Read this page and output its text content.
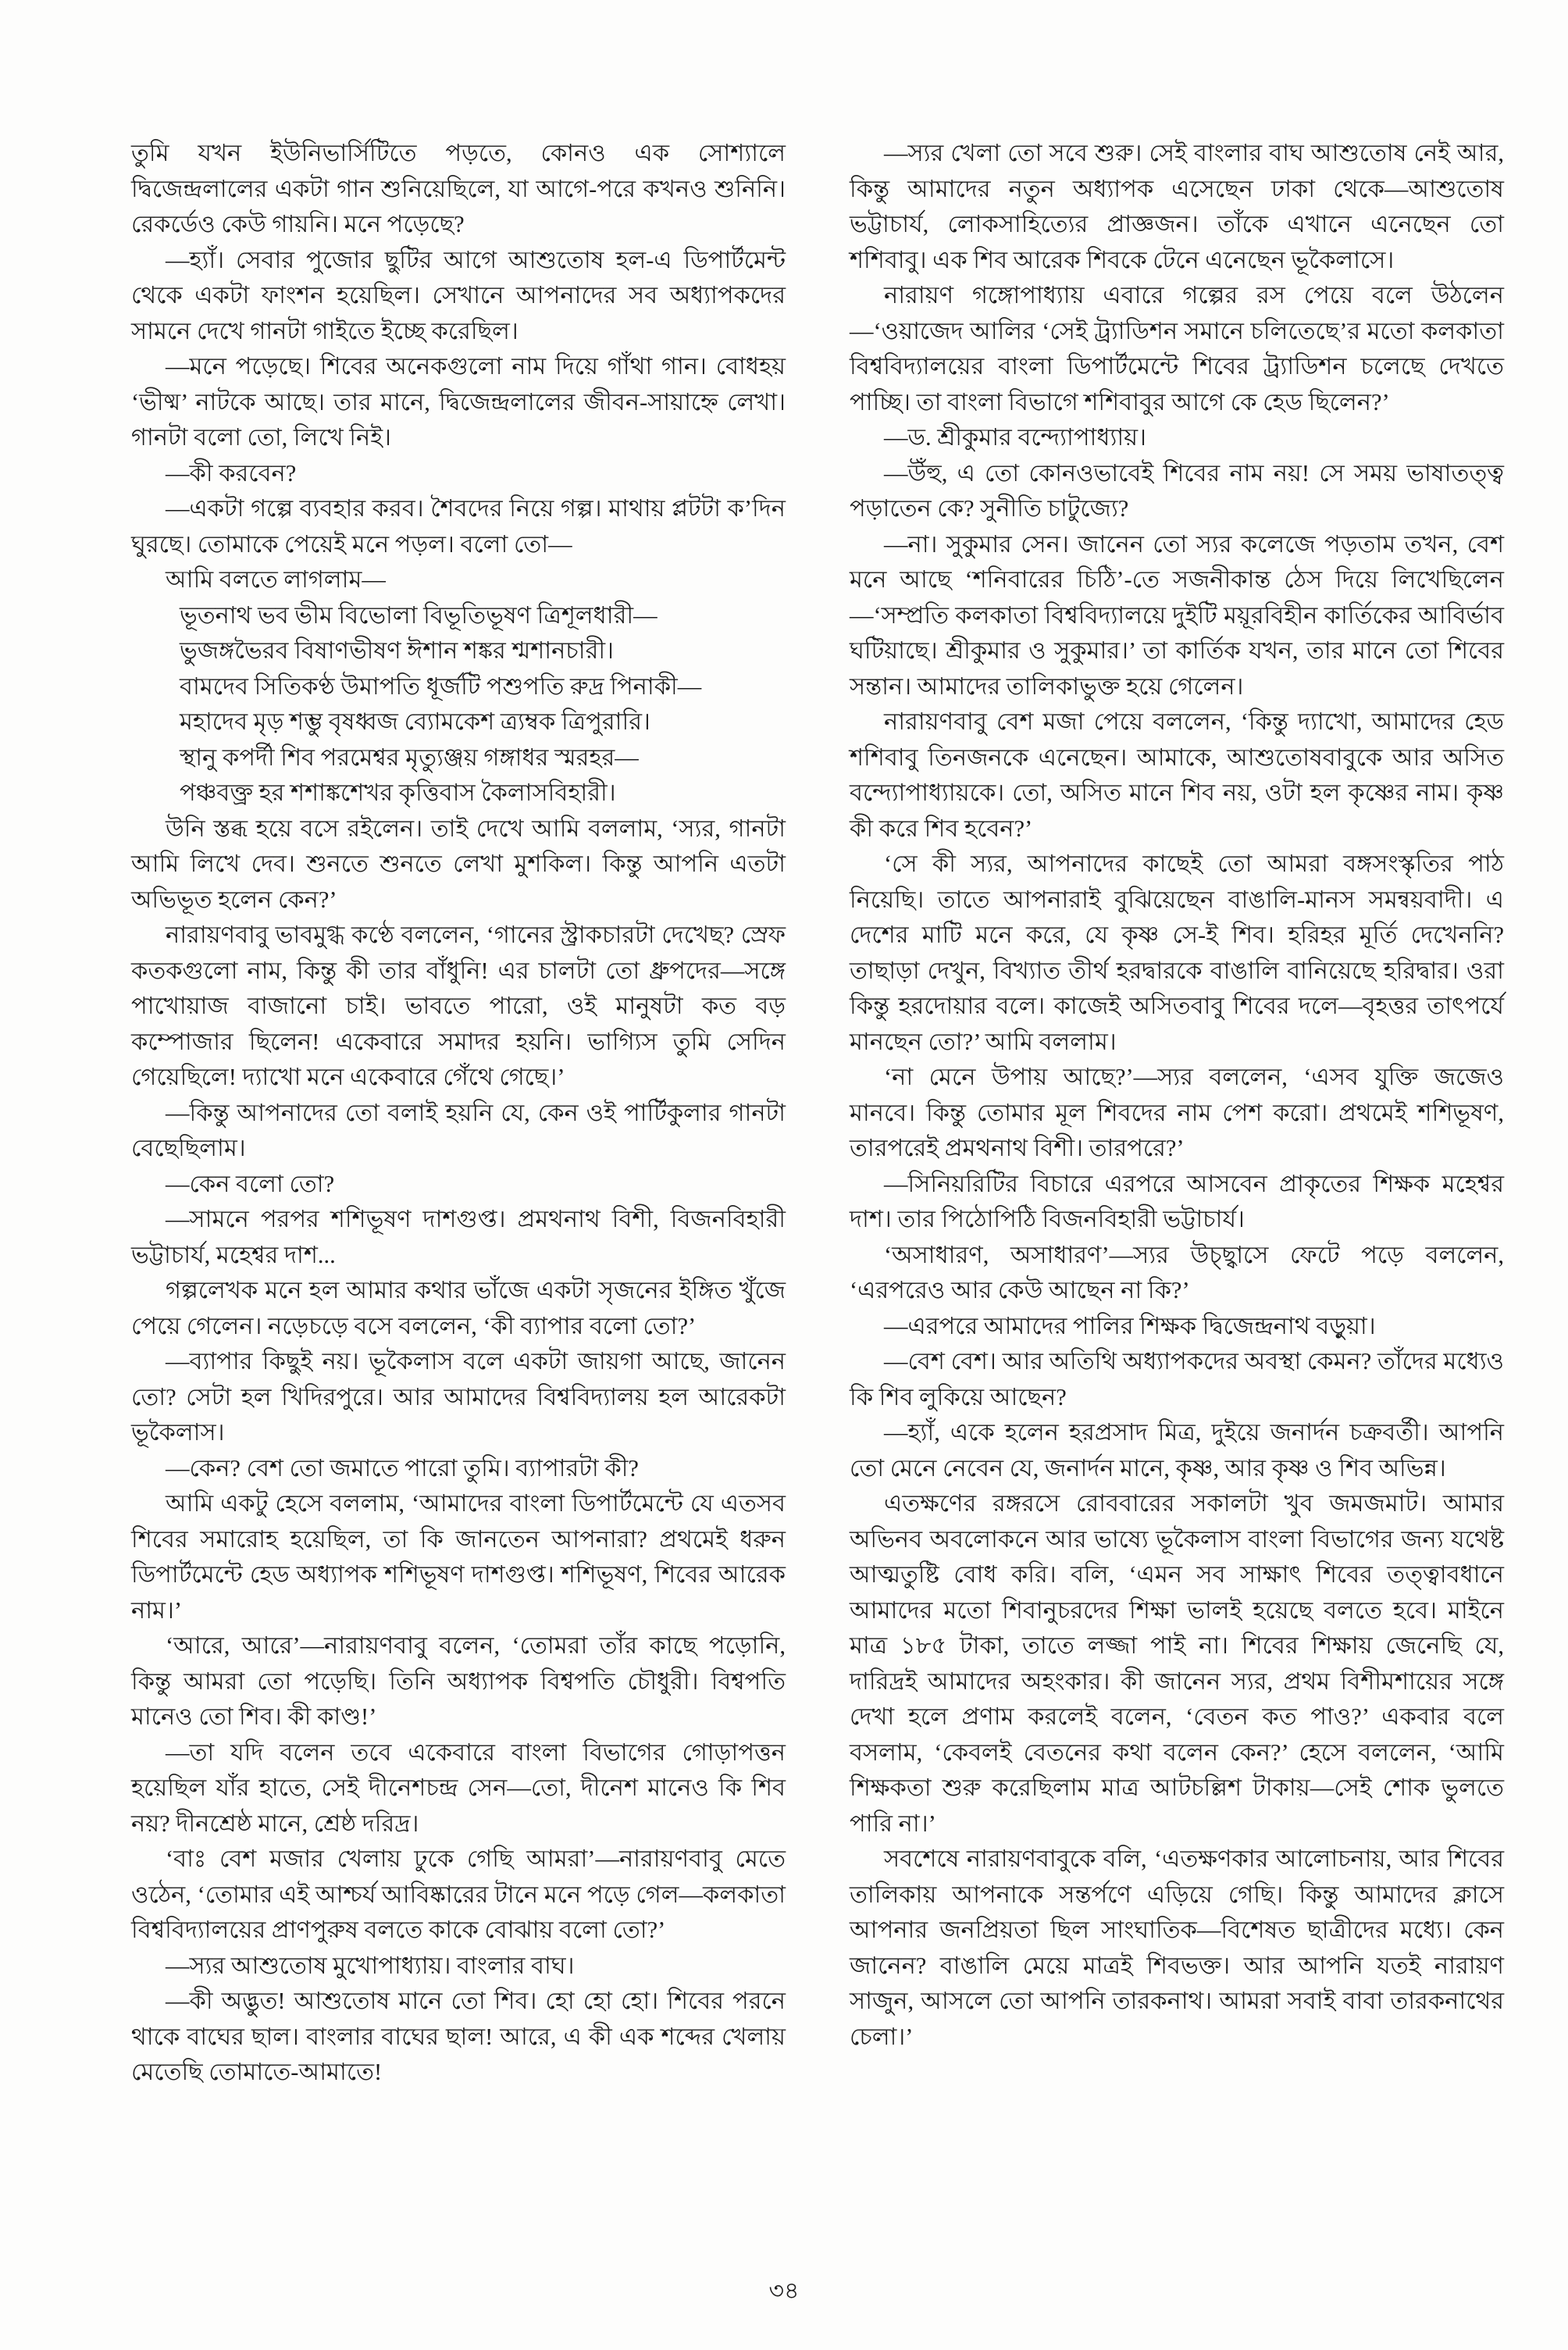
তুমি যখন ইউনিভার্সিটিতে পড়তে, কোনও এক সোশ্যালে দ্বিজেন্দ্রলালের একটা গান শুনিয়েছিলে, যা আগে-পরে কখনও শুনিনি। রেকর্ডেও কেউ গায়নি। মনে পড়েছে?

—হ্যাঁ। সেবার পুজোর ছুটির আগে আশুতোষ হল-এ ডিপার্টমেন্ট থেকে একটা ফাংশন হয়েছিল। সেখানে আপনাদের সব অধ্যাপকদের সামনে দেখে গানটা গাইতে ইচ্ছে করেছিল।

—মনে পড়েছে। শিবের অনেকগুলো নাম দিয়ে গাঁথা গান। বোধহয় ‘ভীষ্ম’ নাটকে আছে। তার মানে, দ্বিজেন্দ্রলালের জীবন-সায়াহ্নে লেখা। গানটা বলো তো, লিখে নিই।

—কী করবেন?

—একটা গল্পে ব্যবহার করব। শৈবদের নিয়ে গল্প। মাথায় প্লটটা ক’দিন ঘুরছে। তোমাকে পেয়েই মনে পড়ল। বলো তো—

আমি বলতে লাগলাম—

ভূতনাথ ভব ভীম বিভোলা বিভূতিভূষণ ত্রিশূলধারী—
ভুজঙ্গভৈরব বিষাণভীষণ ঈশান শঙ্কর শ্মশানচারী।
বামদেব সিতিকণ্ঠ উমাপতি ধূর্জটি পশুপতি রুদ্র পিনাকী—
মহাদেব মৃড় শম্ভু বৃষধ্বজ ব্যোমকেশ ত্র্যম্বক ত্রিপুরারি।
স্থানু কপর্দী শিব পরমেশ্বর মৃত্যুঞ্জয় গঙ্গাধর স্মরহর—
পঞ্চবক্ত্র হর শশাঙ্কশেখর কৃত্তিবাস কৈলাসবিহারী।

উনি স্তব্ধ হয়ে বসে রইলেন। তাই দেখে আমি বললাম, ‘স্যর, গানটা আমি লিখে দেব। শুনতে শুনতে লেখা মুশকিল। কিন্তু আপনি এতটা অভিভূত হলেন কেন?’

নারায়ণবাবু ভাবমুগ্ধ কণ্ঠে বললেন, ‘গানের স্ট্রাকচারটা দেখেছ? স্রেফ কতকগুলো নাম, কিন্তু কী তার বাঁধুনি! এর চালটা তো ধ্রুপদের—সঙ্গে পাখোয়াজ বাজানো চাই। ভাবতে পারো, ওই মানুষটা কত বড় কম্পোজার ছিলেন! একেবারে সমাদর হয়নি। ভাগ্যিস তুমি সেদিন গেয়েছিলে! দ্যাখো মনে একেবারে গেঁথে গেছে।’

—কিন্তু আপনাদের তো বলাই হয়নি যে, কেন ওই পার্টিকুলার গানটা বেছেছিলাম।

—কেন বলো তো?

—সামনে পরপর শশিভূষণ দাশগুপ্ত। প্রমথনাথ বিশী, বিজনবিহারী ভট্টাচার্য, মহেশ্বর দাশ...

গল্পলেখক মনে হল আমার কথার ভাঁজে একটা সৃজনের ইঙ্গিত খুঁজে পেয়ে গেলেন। নড়েচড়ে বসে বললেন, ‘কী ব্যাপার বলো তো?’

—ব্যাপার কিছুই নয়। ভূকৈলাস বলে একটা জায়গা আছে, জানেন তো? সেটা হল খিদিরপুরে। আর আমাদের বিশ্ববিদ্যালয় হল আরেকটা ভূকৈলাস।

—কেন? বেশ তো জমাতে পারো তুমি। ব্যাপারটা কী?

আমি একটু হেসে বললাম, ‘আমাদের বাংলা ডিপার্টমেন্টে যে এতসব শিবের সমারোহ হয়েছিল, তা কি জানতেন আপনারা? প্রথমেই ধরুন ডিপার্টমেন্টে হেড অধ্যাপক শশিভূষণ দাশগুপ্ত। শশিভূষণ, শিবের আরেক নাম।’

‘আরে, আরে’—নারায়ণবাবু বলেন, ‘তোমরা তাঁর কাছে পড়োনি, কিন্তু আমরা তো পড়েছি। তিনি অধ্যাপক বিশ্বপতি চৌধুরী। বিশ্বপতি মানেও তো শিব। কী কাণ্ড!’

—তা যদি বলেন তবে একেবারে বাংলা বিভাগের গোড়াপত্তন হয়েছিল যাঁর হাতে, সেই দীনেশচন্দ্র সেন—তো, দীনেশ মানেও কি শিব নয়? দীনশ্রেষ্ঠ মানে, শ্রেষ্ঠ দরিদ্র।

‘বাঃ বেশ মজার খেলায় ঢুকে গেছি আমরা’—নারায়ণবাবু মেতে ওঠেন, ‘তোমার এই আশ্চর্য আবিষ্কারের টানে মনে পড়ে গেল—কলকাতা বিশ্ববিদ্যালয়ের প্রাণপুরুষ বলতে কাকে বোঝায় বলো তো?’

—স্যর আশুতোষ মুখোপাধ্যায়। বাংলার বাঘ।

—কী অদ্ভুত! আশুতোষ মানে তো শিব। হো হো হো। শিবের পরনে থাকে বাঘের ছাল। বাংলার বাঘের ছাল! আরে, এ কী এক শব্দের খেলায় মেতেছি তোমাতে-আমাতে!

—স্যর খেলা তো সবে শুরু। সেই বাংলার বাঘ আশুতোষ নেই আর, কিন্তু আমাদের নতুন অধ্যাপক এসেছেন ঢাকা থেকে—আশুতোষ ভট্টাচার্য, লোকসাহিত্যের প্রাজ্ঞজন। তাঁকে এখানে এনেছেন তো শশিবাবু। এক শিব আরেক শিবকে টেনে এনেছেন ভূকৈলাসে।

নারায়ণ গঙ্গোপাধ্যায় এবারে গল্পের রস পেয়ে বলে উঠলেন—‘ওয়াজেদ আলির ‘সেই ট্র্যাডিশন সমানে চলিতেছে’র মতো কলকাতা বিশ্ববিদ্যালয়ের বাংলা ডিপার্টমেন্টে শিবের ট্র্যাডিশন চলেছে দেখতে পাচ্ছি। তা বাংলা বিভাগে শশিবাবুর আগে কে হেড ছিলেন?’

—ড. শ্রীকুমার বন্দ্যোপাধ্যায়।

—উঁহু, এ তো কোনওভাবেই শিবের নাম নয়! সে সময় ভাষাতত্ত্ব পড়াতেন কে? সুনীতি চাটুজ্যে?

—না। সুকুমার সেন। জানেন তো স্যর কলেজে পড়তাম তখন, বেশ মনে আছে ‘শনিবারের চিঠি’-তে সজনীকান্ত ঠেস দিয়ে লিখেছিলেন—‘সম্প্রতি কলকাতা বিশ্ববিদ্যালয়ে দুইটি ময়ূরবিহীন কার্তিকের আবির্ভাব ঘটিয়াছে। শ্রীকুমার ও সুকুমার।’ তা কার্তিক যখন, তার মানে তো শিবের সন্তান। আমাদের তালিকাভুক্ত হয়ে গেলেন।

নারায়ণবাবু বেশ মজা পেয়ে বললেন, ‘কিন্তু দ্যাখো, আমাদের হেড শশিবাবু তিনজনকে এনেছেন। আমাকে, আশুতোষবাবুকে আর অসিত বন্দ্যোপাধ্যায়কে। তো, অসিত মানে শিব নয়, ওটা হল কৃষ্ণের নাম। কৃষ্ণ কী করে শিব হবেন?’

‘সে কী স্যর, আপনাদের কাছেই তো আমরা বঙ্গসংস্কৃতির পাঠ নিয়েছি। তাতে আপনারাই বুঝিয়েছেন বাঙালি-মানস সমন্বয়বাদী। এ দেশের মাটি মনে করে, যে কৃষ্ণ সে-ই শিব। হরিহর মূর্তি দেখেননি? তাছাড়া দেখুন, বিখ্যাত তীর্থ হরদ্বারকে বাঙালি বানিয়েছে হরিদ্বার। ওরা কিন্তু হরদোয়ার বলে। কাজেই অসিতবাবু শিবের দলে—বৃহত্তর তাৎপর্যে মানছেন তো?’ আমি বললাম।

‘না মেনে উপায় আছে?’—স্যর বললেন, ‘এসব যুক্তি জজেও মানবে। কিন্তু তোমার মূল শিবদের নাম পেশ করো। প্রথমেই শশিভূষণ, তারপরেই প্রমথনাথ বিশী। তারপরে?’

—সিনিয়রিটির বিচারে এরপরে আসবেন প্রাকৃতের শিক্ষক মহেশ্বর দাশ। তার পিঠোপিঠি বিজনবিহারী ভট্টাচার্য।

‘অসাধারণ, অসাধারণ’—স্যর উচ্ছ্বাসে ফেটে পড়ে বললেন, ‘এরপরেও আর কেউ আছেন না কি?’

—এরপরে আমাদের পালির শিক্ষক দ্বিজেন্দ্রনাথ বড়ুয়া।

—বেশ বেশ। আর অতিথি অধ্যাপকদের অবস্থা কেমন? তাঁদের মধ্যেও কি শিব লুকিয়ে আছেন?

—হ্যাঁ, একে হলেন হরপ্রসাদ মিত্র, দুইয়ে জনার্দন চক্রবর্তী। আপনি তো মেনে নেবেন যে, জনার্দন মানে, কৃষ্ণ, আর কৃষ্ণ ও শিব অভিন্ন।

এতক্ষণের রঙ্গরসে রোববারের সকালটা খুব জমজমাট। আমার অভিনব অবলোকনে আর ভাষ্যে ভূকৈলাস বাংলা বিভাগের জন্য যথেষ্ট আত্মতুষ্টি বোধ করি। বলি, ‘এমন সব সাক্ষাৎ শিবের তত্ত্বাবধানে আমাদের মতো শিবানুচরদের শিক্ষা ভালই হয়েছে বলতে হবে। মাইনে মাত্র ১৮৫ টাকা, তাতে লজ্জা পাই না। শিবের শিক্ষায় জেনেছি যে, দারিদ্রই আমাদের অহংকার। কী জানেন স্যর, প্রথম বিশীমশায়ের সঙ্গে দেখা হলে প্রণাম করলেই বলেন, ‘বেতন কত পাও?’ একবার বলে বসলাম, ‘কেবলই বেতনের কথা বলেন কেন?’ হেসে বললেন, ‘আমি শিক্ষকতা শুরু করেছিলাম মাত্র আটচল্লিশ টাকায়—সেই শোক ভুলতে পারি না।’

সবশেষে নারায়ণবাবুকে বলি, ‘এতক্ষণকার আলোচনায়, আর শিবের তালিকায় আপনাকে সন্তর্পণে এড়িয়ে গেছি। কিন্তু আমাদের ক্লাসে আপনার জনপ্রিয়তা ছিল সাংঘাতিক—বিশেষত ছাত্রীদের মধ্যে। কেন জানেন? বাঙালি মেয়ে মাত্রই শিবভক্ত। আর আপনি যতই নারায়ণ সাজুন, আসলে তো আপনি তারকনাথ। আমরা সবাই বাবা তারকনাথের চেলা।’

৩৪
